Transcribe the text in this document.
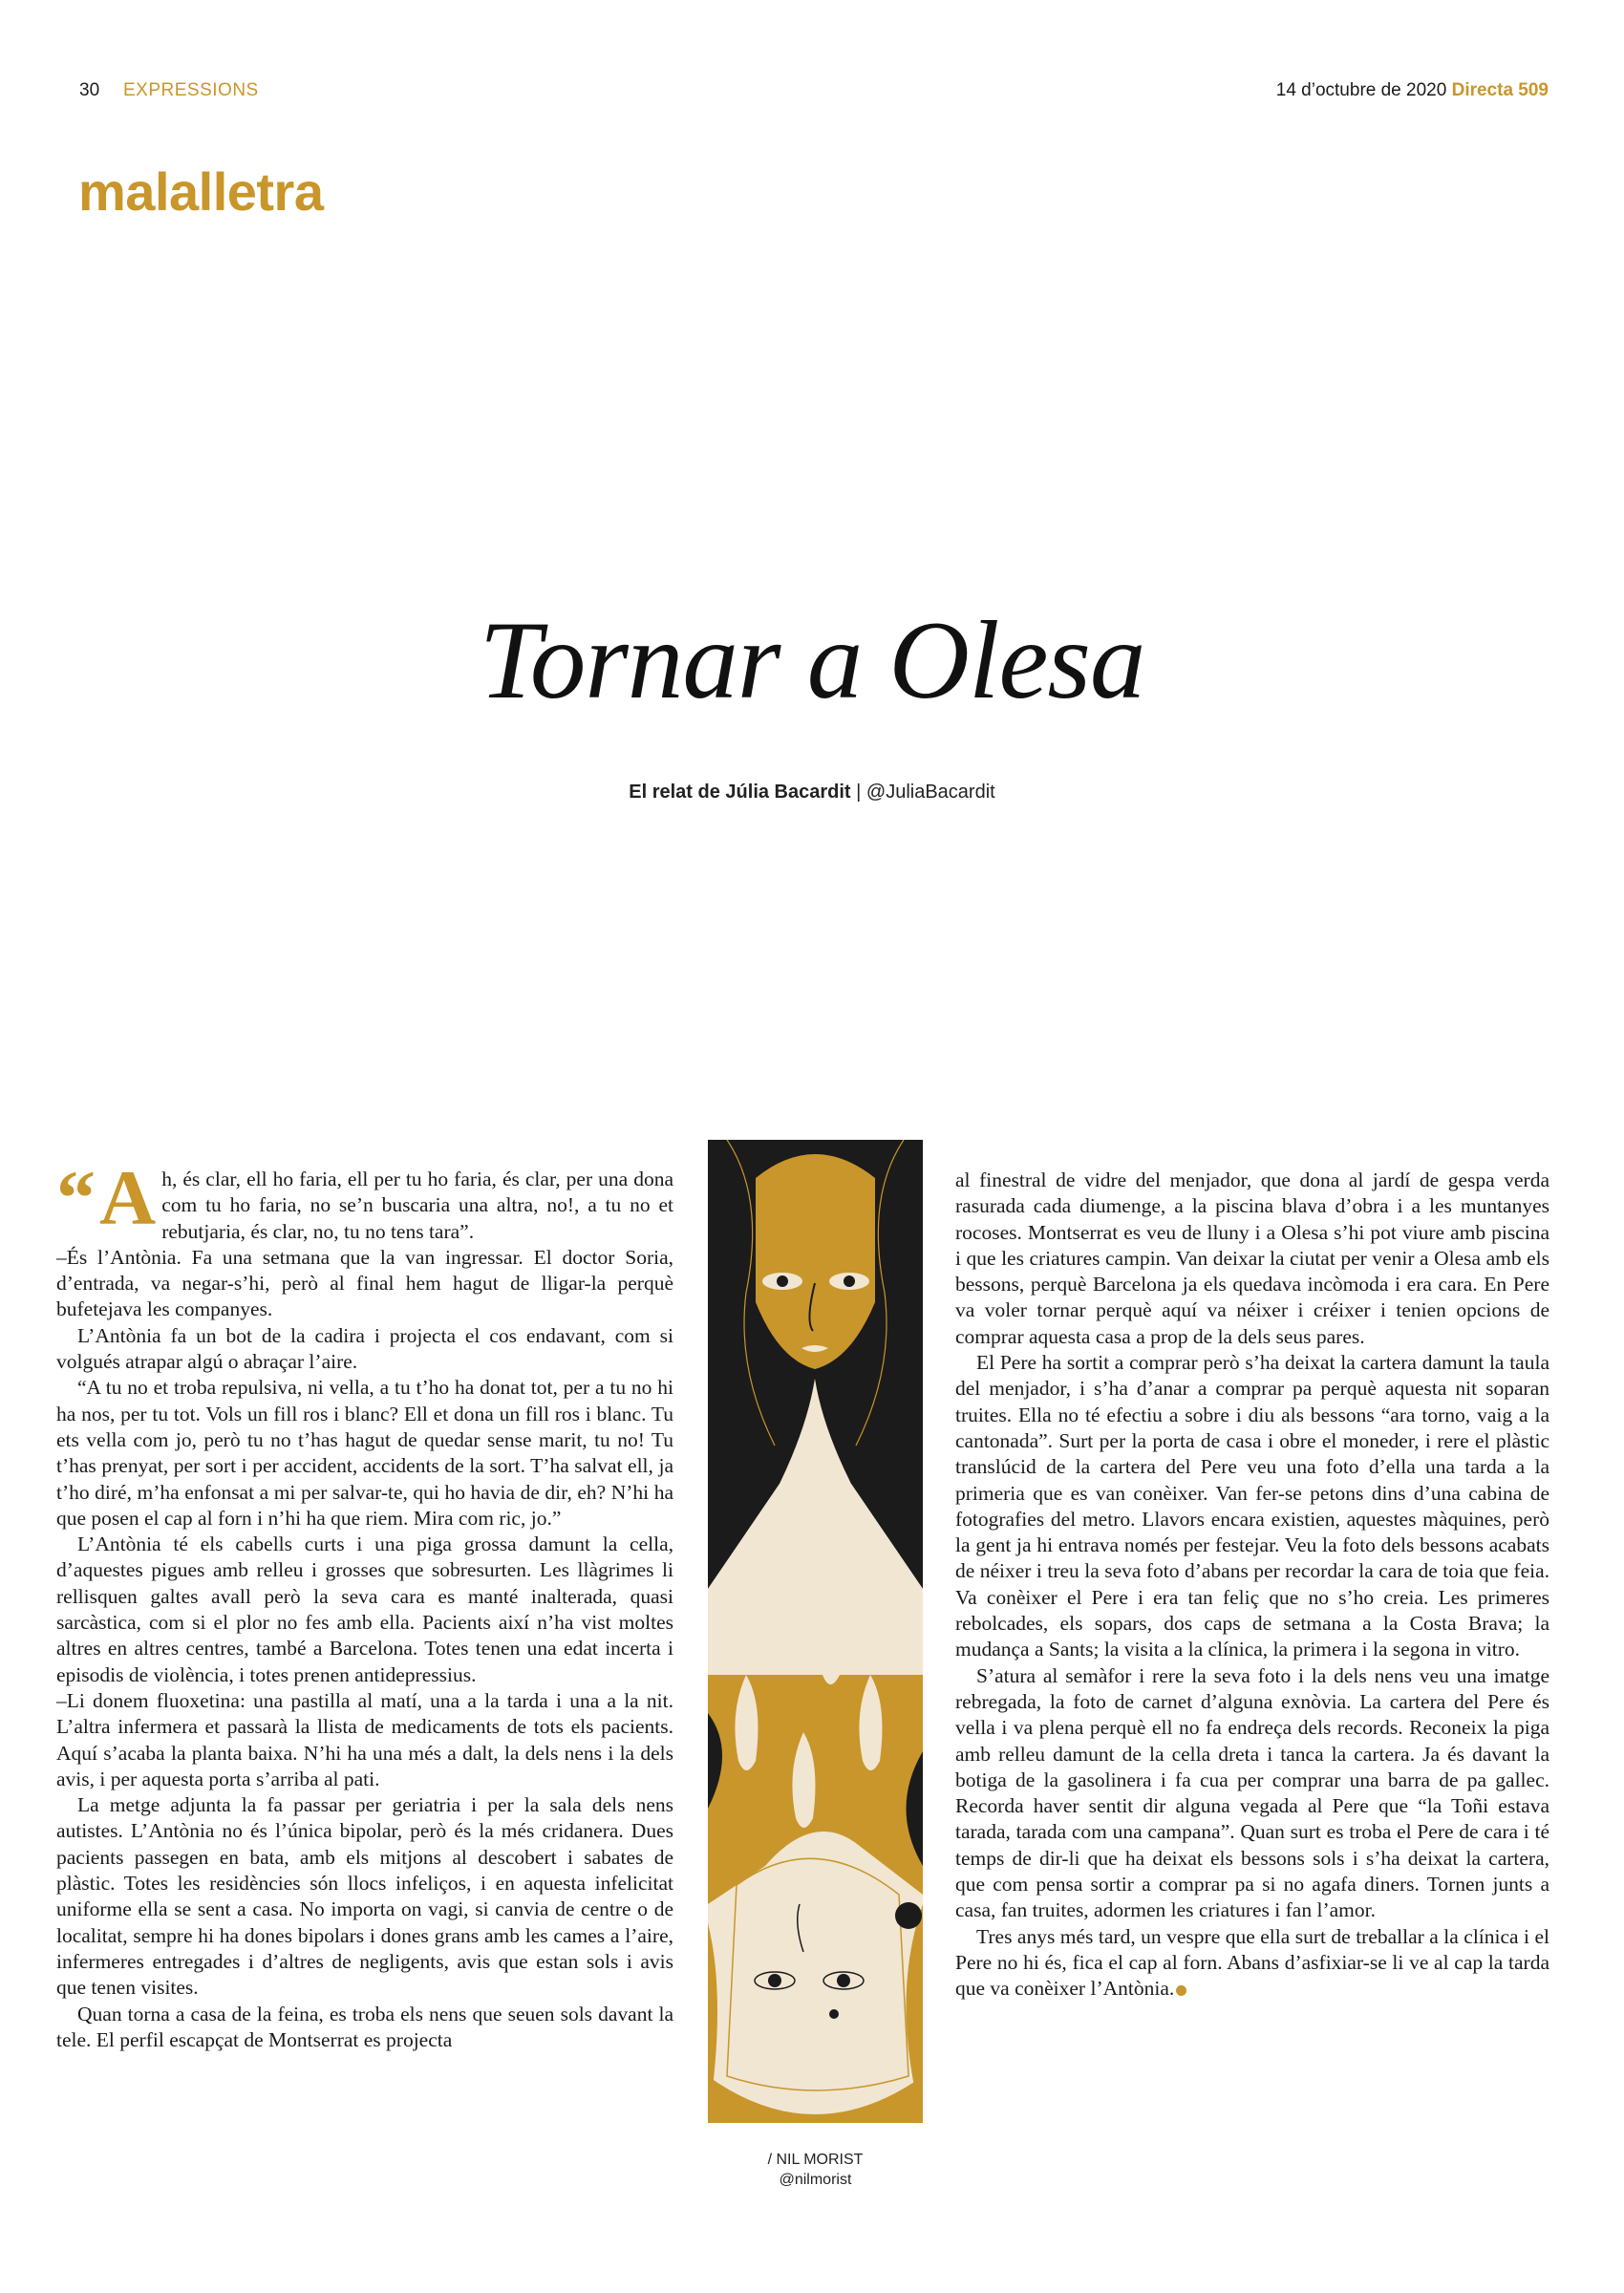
30 EXPRESSIONS	14 d’octubre de 2020 Directa 509
malalletra
Tornar a Olesa
El relat de Júlia Bacardit | @JuliaBacardit

“ A h, és clar, ell ho faria, ell per tu ho faria, és clar, per una dona com tu ho faria, no se’n buscaria una altra, no!, a tu no et rebutjaria, és clar, no, tu no tens tara”.

–És l’Antònia. Fa una setmana que la van ingressar. El doctor Soria, d’entrada, va negar-s’hi, però al final hem hagut de lligar-la perquè bufetejava les companyes.

L’Antònia fa un bot de la cadira i projecta el cos endavant, com si volgués atrapar algú o abraçar l’aire.

“A tu no et troba repulsiva, ni vella, a tu t’ho ha donat tot, per a tu no hi ha nos, per tu tot. Vols un fill ros i blanc? Ell et dona un fill ros i blanc. Tu ets vella com jo, però tu no t’has hagut de quedar sense marit, tu no! Tu t’has prenyat, per sort i per accident, accidents de la sort. T’ha salvat ell, ja t’ho diré, m’ha enfonsat a mi per salvar-te, qui ho havia de dir, eh? N’hi ha que posen el cap al forn i n’hi ha que riem. Mira com ric, jo.”

L’Antònia té els cabells curts i una piga grossa damunt la cella, d’aquestes pigues amb relleu i grosses que sobresurten. Les llàgrimes li rellisquen galtes avall però la seva cara es manté inalterada, quasi sarcàstica, com si el plor no fes amb ella. Pacients així n’ha vist moltes altres en altres centres, també a Barcelona. Totes tenen una edat incerta i episodis de violència, i totes prenen antidepressius.

–Li donem fluoxetina: una pastilla al matí, una a la tarda i una a la nit. L’altra infermera et passarà la llista de medicaments de tots els pacients. Aquí s’acaba la planta baixa. N’hi ha una més a dalt, la dels nens i la dels avis, i per aquesta porta s’arriba al pati.

La metge adjunta la fa passar per geriatria i per la sala dels nens autistes. L’Antònia no és l’única bipolar, però és la més cridanera. Dues pacients passegen en bata, amb els mitjons al descobert i sabates de plàstic. Totes les residències són llocs infeliços, i en aquesta infelicitat uniforme ella se sent a casa. No importa on vagi, si canvia de centre o de localitat, sempre hi ha dones bipolars i dones grans amb les cames a l’aire, infermeres entregades i d’altres de negligents, avis que estan sols i avis que tenen visites.

Quan torna a casa de la feina, es troba els nens que seuen sols davant la tele. El perfil escapçat de Montserrat es projecta

/ NIL MORIST
@nilmorist

al finestral de vidre del menjador, que dona al jardí de gespa verda rasurada cada diumenge, a la piscina blava d’obra i a les muntanyes rocoses. Montserrat es veu de lluny i a Olesa s’hi pot viure amb piscina i que les criatures campin. Van deixar la ciutat per venir a Olesa amb els bessons, perquè Barcelona ja els quedava incòmoda i era cara. En Pere va voler tornar perquè aquí va néixer i créixer i tenien opcions de comprar aquesta casa a prop de la dels seus pares.

El Pere ha sortit a comprar però s’ha deixat la cartera damunt la taula del menjador, i s’ha d’anar a comprar pa perquè aquesta nit soparan truites. Ella no té efectiu a sobre i diu als bessons “ara torno, vaig a la cantonada”. Surt per la porta de casa i obre el moneder, i rere el plàstic translúcid de la cartera del Pere veu una foto d’ella una tarda a la primeria que es van conèixer. Van fer-se petons dins d’una cabina de fotografies del metro. Llavors encara existien, aquestes màquines, però la gent ja hi entrava només per festejar. Veu la foto dels bessons acabats de néixer i treu la seva foto d’abans per recordar la cara de toia que feia. Va conèixer el Pere i era tan feliç que no s’ho creia. Les primeres rebolcades, els sopars, dos caps de setmana a la Costa Brava; la mudança a Sants; la visita a la clínica, la primera i la segona in vitro.

S’atura al semàfor i rere la seva foto i la dels nens veu una imatge rebregada, la foto de carnet d’alguna exnòvia. La cartera del Pere és vella i va plena perquè ell no fa endreça dels records. Reconeix la piga amb relleu damunt de la cella dreta i tanca la cartera. Ja és davant la botiga de la gasolinera i fa cua per comprar una barra de pa gallec. Recorda haver sentit dir alguna vegada al Pere que “la Toñi estava tarada, tarada com una campana”. Quan surt es troba el Pere de cara i té temps de dir-li que ha deixat els bessons sols i s’ha deixat la cartera, que com pensa sortir a comprar pa si no agafa diners. Tornen junts a casa, fan truites, adormen les criatures i fan l’amor.

Tres anys més tard, un vespre que ella surt de treballar a la clínica i el Pere no hi és, fica el cap al forn. Abans d’asfixiar-se li ve al cap la tarda que va conèixer l’Antònia.
